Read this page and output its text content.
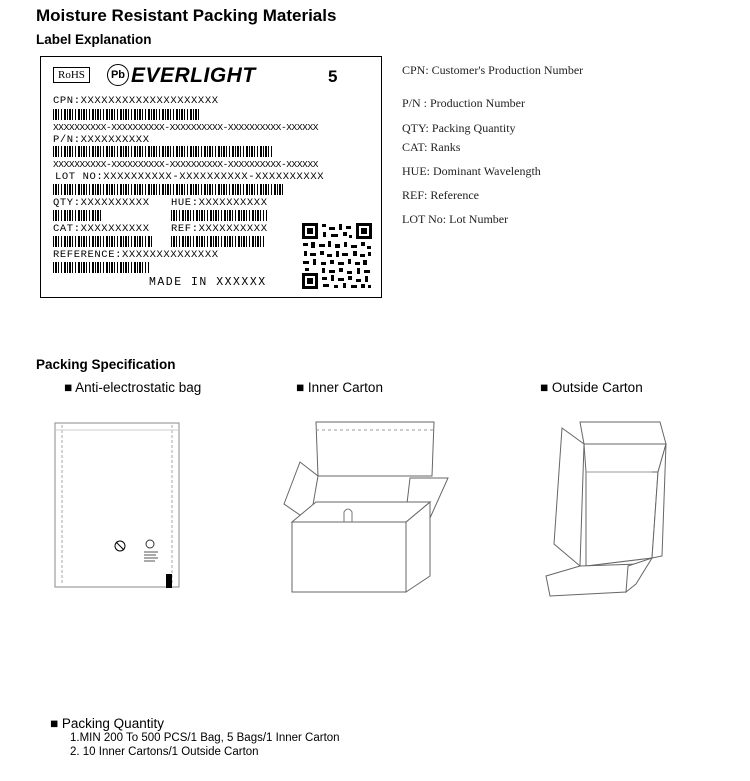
Moisture Resistant Packing Materials
Label Explanation
RoHS	Pb EVERLIGHT	5
CPN:XXXXXXXXXXXXXXXXXXXX
XXXXXXXXXX-XXXXXXXXXX-XXXXXXXXXX-XXXXXXXXXX-XXXXXX
P/N:XXXXXXXXXX
XXXXXXXXXX-XXXXXXXXXX-XXXXXXXXXX-XXXXXXXXXX-XXXXXX
LOT NO:XXXXXXXXXX-XXXXXXXXXX-XXXXXXXXXX
QTY:XXXXXXXXXX HUE:XXXXXXXXXX
CAT:XXXXXXXXXX REF:XXXXXXXXXX
REFERENCE:XXXXXXXXXXXXXX
MADE IN XXXXXX
CPN: Customer's Production Number
P/N : Production Number
QTY: Packing Quantity
CAT: Ranks
HUE: Dominant Wavelength
REF: Reference
LOT No: Lot Number
Packing Specification
■ Anti-electrostatic bag	■ Inner Carton	■ Outside Carton
■ Packing Quantity
1.MIN 200 To 500 PCS/1 Bag, 5 Bags/1 Inner Carton
2. 10 Inner Cartons/1 Outside Carton
